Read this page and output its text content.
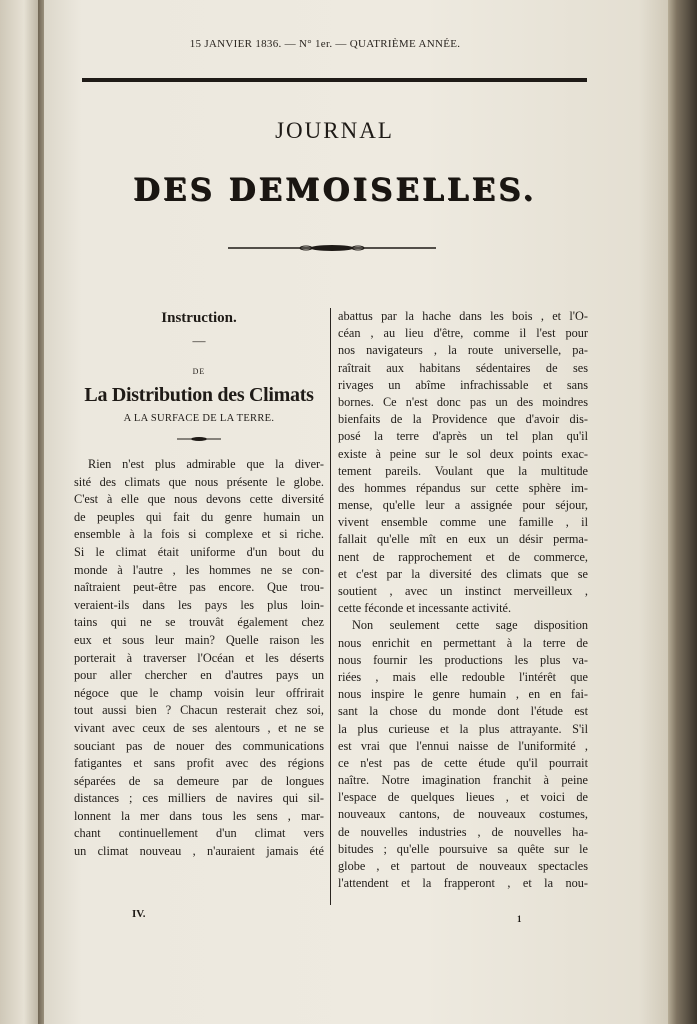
15 JANVIER 1836. — N° 1er. — QUATRIÈME ANNÉE.
JOURNAL
DES DEMOISELLES.
Instruction.
—
DE
La Distribution des Climats
A LA SURFACE DE LA TERRE.
Rien n'est plus admirable que la diver-
sité des climats que nous présente le globe.
C'est à elle que nous devons cette diversité
de peuples qui fait du genre humain un
ensemble à la fois si complexe et si riche.
Si le climat était uniforme d'un bout du
monde à l'autre , les hommes ne se con-
naîtraient peut-être pas encore. Que trou-
veraient-ils dans les pays les plus loin-
tains qui ne se trouvât également chez
eux et sous leur main? Quelle raison les
porterait à traverser l'Océan et les déserts
pour aller chercher en d'autres pays un
négoce que le champ voisin leur offrirait
tout aussi bien ? Chacun resterait chez soi,
vivant avec ceux de ses alentours , et ne se
souciant pas de nouer des communications
fatigantes et sans profit avec des régions
séparées de sa demeure par de longues
distances ; ces milliers de navires qui sil-
lonnent la mer dans tous les sens , mar-
chant continuellement d'un climat vers
un climat nouveau , n'auraient jamais été
abattus par la hache dans les bois , et l'O-
céan , au lieu d'être, comme il l'est pour
nos navigateurs , la route universelle, pa-
raîtrait aux habitans sédentaires de ses
rivages un abîme infrachissable et sans
bornes. Ce n'est donc pas un des moindres
bienfaits de la Providence que d'avoir dis-
posé la terre d'après un tel plan qu'il
existe à peine sur le sol deux points exac-
tement pareils. Voulant que la multitude
des hommes répandus sur cette sphère im-
mense, qu'elle leur a assignée pour séjour,
vivent ensemble comme une famille , il
fallait qu'elle mît en eux un désir perma-
nent de rapprochement et de commerce,
et c'est par la diversité des climats que se
soutient , avec un instinct merveilleux ,
cette féconde et incessante activité.
Non seulement cette sage disposition
nous enrichit en permettant à la terre de
nous fournir les productions les plus va-
riées , mais elle redouble l'intérêt que
nous inspire le genre humain , en en fai-
sant la chose du monde dont l'étude est
la plus curieuse et la plus attrayante. S'il
est vrai que l'ennui naisse de l'uniformité ,
ce n'est pas de cette étude qu'il pourrait
naître. Notre imagination franchit à peine
l'espace de quelques lieues , et voici de
nouveaux cantons, de nouveaux costumes,
de nouvelles industries , de nouvelles ha-
bitudes ; qu'elle poursuive sa quête sur le
globe , et partout de nouveaux spectacles
l'attendent et la frapperont , et la nou-
IV.	1
